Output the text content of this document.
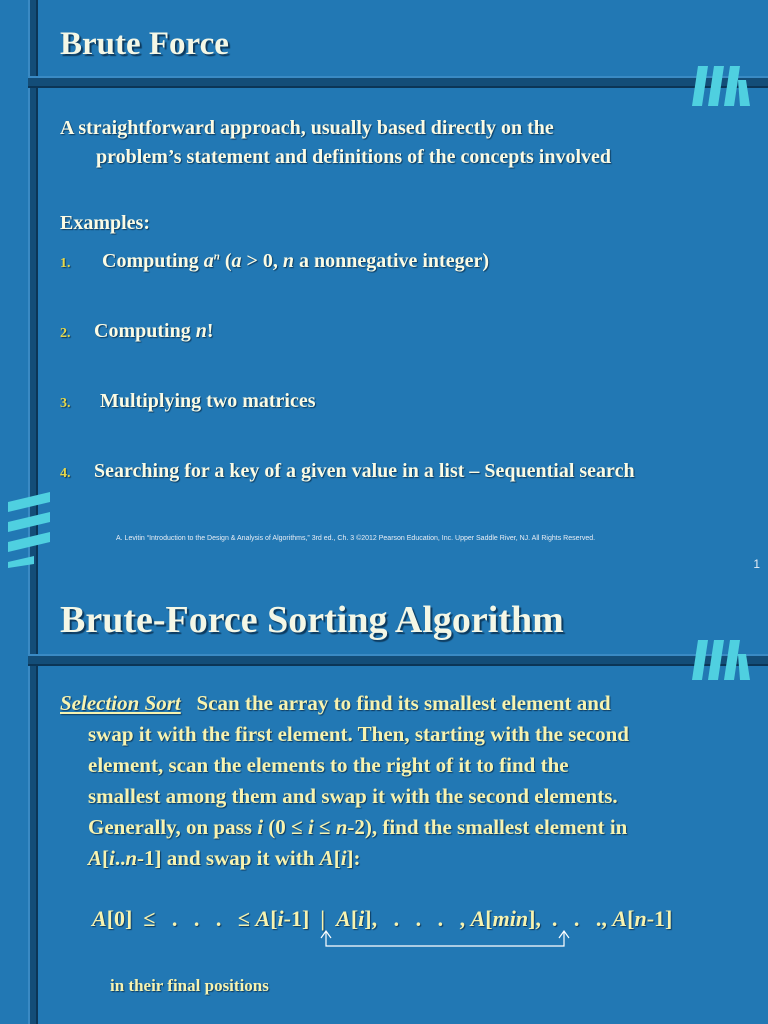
Brute Force
A straightforward approach, usually based directly on the
problem’s statement and definitions of the concepts involved
Examples:
1. Computing $a^n$ (a > 0, n a nonnegative integer)
2. Computing n!
3. Multiplying two matrices
4. Searching for a key of a given value in a list – Sequential search
A. Levitin “Introduction to the Design & Analysis of Algorithms,” 3rd ed., Ch. 3 ©2012 Pearson Education, Inc. Upper Saddle River, NJ. All Rights Reserved.
1
Brute-Force Sorting Algorithm
Selection Sort   Scan the array to find its smallest element and
swap it with the first element. Then, starting with the second
element, scan the elements to the right of it to find the
smallest among them and swap it with the second elements.
Generally, on pass i (0 ≤ i ≤ n-2), find the smallest element in
A[i..n-1] and swap it with A[i]:
A[0]  ≤   .   .   .   ≤ A[i-1]  |  A[i],   .   .   .   , A[min],  .   .   ., A[n-1]
in their final positions
